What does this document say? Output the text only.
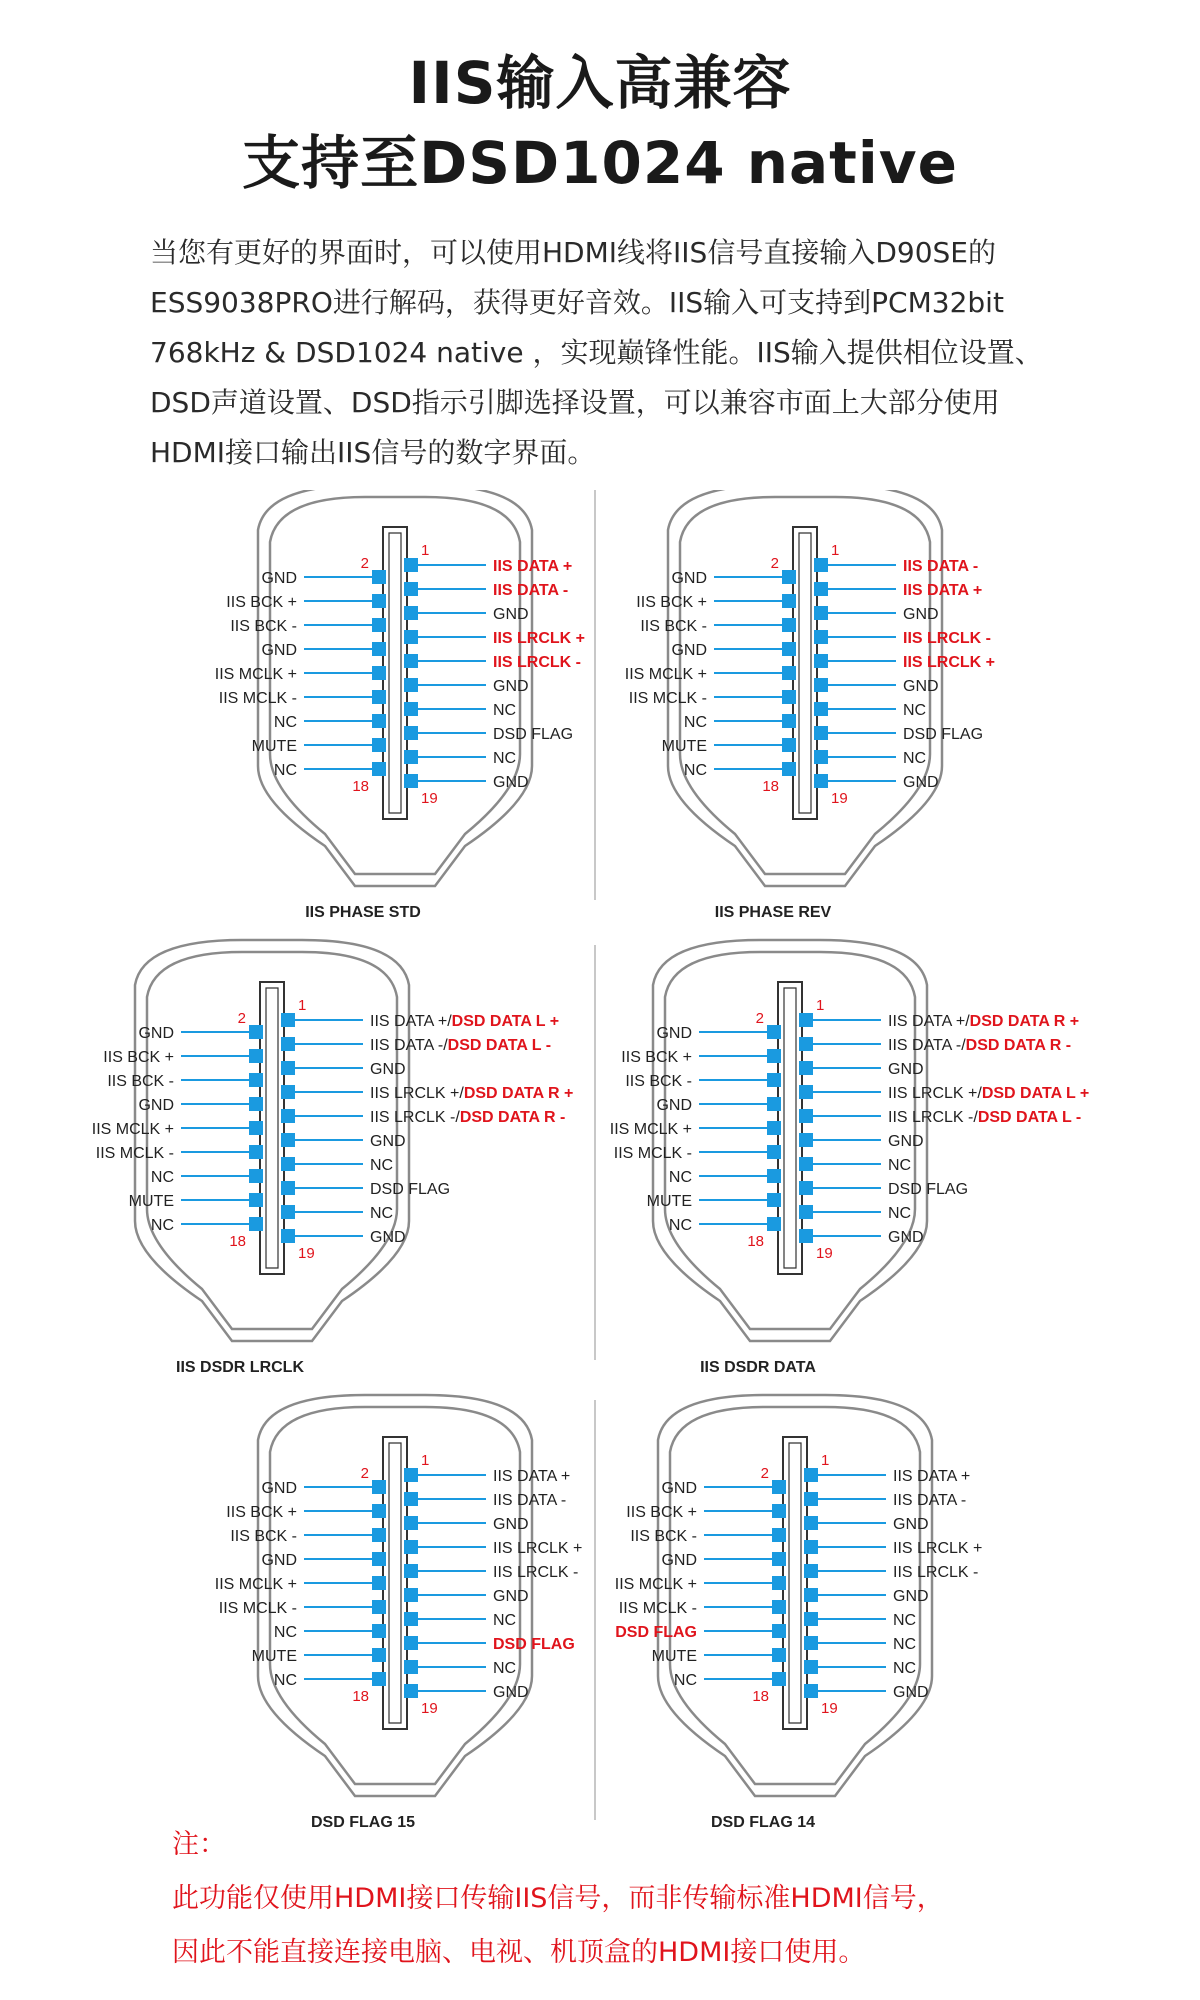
IIS输入高兼容
支持至DSD1024 native
当您有更好的界面时，可以使用HDMI线将IIS信号直接输入D90SE的
ESS9038PRO进行解码，获得更好音效。IIS输入可支持到PCM32bit
768kHz & DSD1024 native ，实现巅锋性能。IIS输入提供相位设置、
DSD声道设置、DSD指示引脚选择设置，可以兼容市面上大部分使用
HDMI接口输出IIS信号的数字界面。
IIS DATA +
IIS DATA -
GND
IIS LRCLK +
IIS LRCLK -
GND
NC
DSD FLAG
NC
GND
GND
IIS BCK +
IIS BCK -
GND
IIS MCLK +
IIS MCLK -
NC
MUTE
NC
1
2
18
19
IIS PHASE STD
IIS DATA -
IIS DATA +
GND
IIS LRCLK -
IIS LRCLK +
GND
NC
DSD FLAG
NC
GND
GND
IIS BCK +
IIS BCK -
GND
IIS MCLK +
IIS MCLK -
NC
MUTE
NC
1
2
18
19
IIS PHASE REV
IIS DATA +/DSD DATA L +
IIS DATA -/DSD DATA L -
GND
IIS LRCLK +/DSD DATA R +
IIS LRCLK -/DSD DATA R -
GND
NC
DSD FLAG
NC
GND
GND
IIS BCK +
IIS BCK -
GND
IIS MCLK +
IIS MCLK -
NC
MUTE
NC
1
2
18
19
IIS DSDR LRCLK
IIS DATA +/DSD DATA R +
IIS DATA -/DSD DATA R -
GND
IIS LRCLK +/DSD DATA L +
IIS LRCLK -/DSD DATA L -
GND
NC
DSD FLAG
NC
GND
GND
IIS BCK +
IIS BCK -
GND
IIS MCLK +
IIS MCLK -
NC
MUTE
NC
1
2
18
19
IIS DSDR DATA
IIS DATA +
IIS DATA -
GND
IIS LRCLK +
IIS LRCLK -
GND
NC
DSD FLAG
NC
GND
GND
IIS BCK +
IIS BCK -
GND
IIS MCLK +
IIS MCLK -
NC
MUTE
NC
1
2
18
19
DSD FLAG 15
IIS DATA +
IIS DATA -
GND
IIS LRCLK +
IIS LRCLK -
GND
NC
NC
NC
GND
GND
IIS BCK +
IIS BCK -
GND
IIS MCLK +
IIS MCLK -
DSD FLAG
MUTE
NC
1
2
18
19
DSD FLAG 14
注：
此功能仅使用HDMI接口传输IIS信号，而非传输标准HDMI信号，
因此不能直接连接电脑、电视、机顶盒的HDMI接口使用。
